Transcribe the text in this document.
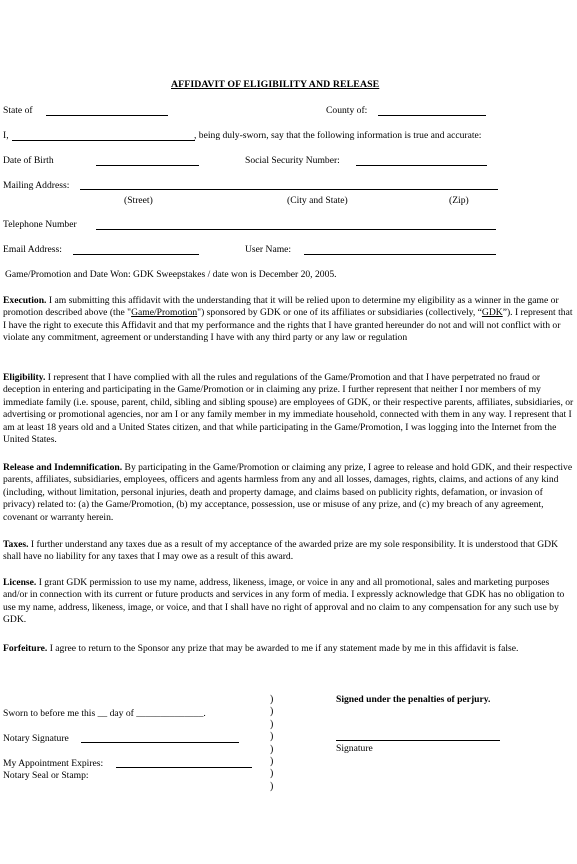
AFFIDAVIT OF ELIGIBILITY AND RELEASE
State of	County of:
I,	, being duly-sworn, say that the following information is true and accurate:
Date of Birth	Social Security Number:
Mailing Address:
(Street)	(City and State)	(Zip)
Telephone Number
Email Address:	User Name:
Game/Promotion and Date Won: GDK Sweepstakes / date won is December 20, 2005.
Execution. I am submitting this affidavit with the understanding that it will be relied upon to determine my eligibility as a winner in the game or promotion described above (the "Game/Promotion") sponsored by GDK or one of its affiliates or subsidiaries (collectively, “GDK”). I represent that I have the right to execute this Affidavit and that my performance and the rights that I have granted hereunder do not and will not conflict with or violate any commitment, agreement or understanding I have with any third party or any law or regulation
Eligibility. I represent that I have complied with all the rules and regulations of the Game/Promotion and that I have perpetrated no fraud or deception in entering and participating in the Game/Promotion or in claiming any prize. I further represent that neither I nor members of my immediate family (i.e. spouse, parent, child, sibling and sibling spouse) are employees of GDK, or their respective parents, affiliates, subsidiaries, or advertising or promotional agencies, nor am I or any family member in my immediate household, connected with them in any way. I represent that I am at least 18 years old and a United States citizen, and that while participating in the Game/Promotion, I was logging into the Internet from the United States.
Release and Indemnification. By participating in the Game/Promotion or claiming any prize, I agree to release and hold GDK, and their respective parents, affiliates, subsidiaries, employees, officers and agents harmless from any and all losses, damages, rights, claims, and actions of any kind (including, without limitation, personal injuries, death and property damage, and claims based on publicity rights, defamation, or invasion of privacy) related to: (a) the Game/Promotion, (b) my acceptance, possession, use or misuse of any prize, and (c) my breach of any agreement, covenant or warranty herein.
Taxes. I further understand any taxes due as a result of my acceptance of the awarded prize are my sole responsibility. It is understood that GDK shall have no liability for any taxes that I may owe as a result of this award.
License. I grant GDK permission to use my name, address, likeness, image, or voice in any and all promotional, sales and marketing purposes and/or in connection with its current or future products and services in any form of media. I expressly acknowledge that GDK has no obligation to use my name, address, likeness, image, or voice, and that I shall have no right of approval and no claim to any compensation for any such use by GDK.
Forfeiture. I agree to return to the Sponsor any prize that may be awarded to me if any statement made by me in this affidavit is false.
Sworn to before me this __ day of ______________.
Notary Signature
My Appointment Expires:
Notary Seal or Stamp:
)
)
)
)
)
)
)
)
Signed under the penalties of perjury.
Signature
